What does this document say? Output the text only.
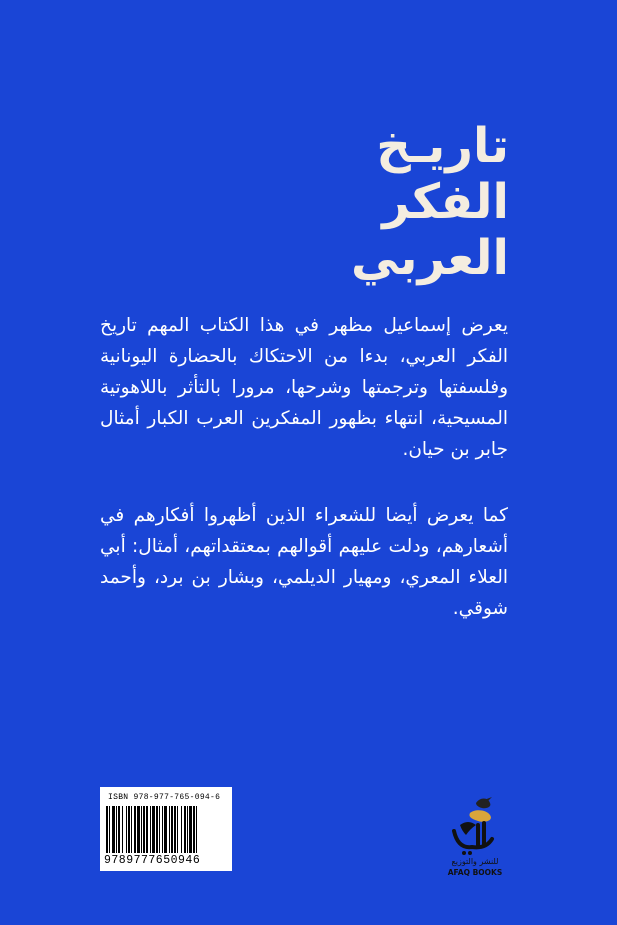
تاريـخ
الفكر
العربي

يعرض إسماعيل مظهر في هذا الكتاب المهم تاريخ الفكر العربي، بدءا من الاحتكاك بالحضارة اليونانية وفلسفتها وترجمتها وشرحها، مرورا بالتأثر باللاهوتية المسيحية، انتهاء بظهور المفكرين العرب الكبار أمثال جابر بن حيان.

كما يعرض أيضا للشعراء الذين أظهروا أفكارهم في أشعارهم، ودلت عليهم أقوالهم بمعتقداتهم، أمثال: أبي العلاء المعري، ومهيار الديلمي، وبشار بن برد، وأحمد شوقي.

ISBN 978-977-765-094-6
9789777650946	للنشر والتوزيع
AFAQ BOOKS
